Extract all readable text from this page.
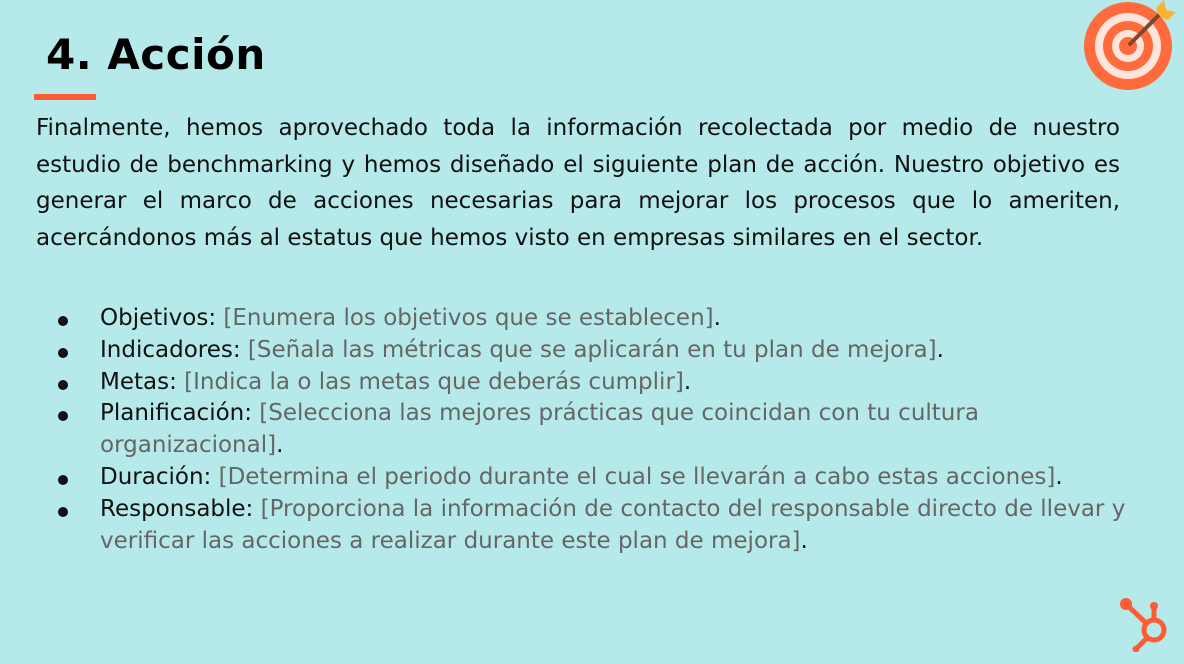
4. Acción

Finalmente, hemos aprovechado toda la información recolectada por medio de nuestro estudio de benchmarking y hemos diseñado el siguiente plan de acción. Nuestro objetivo es generar el marco de acciones necesarias para mejorar los procesos que lo ameriten, acercándonos más al estatus que hemos visto en empresas similares en el sector.

Objetivos: [Enumera los objetivos que se establecen].
Indicadores: [Señala las métricas que se aplicarán en tu plan de mejora].
Metas: [Indica la o las metas que deberás cumplir].
Planificación: [Selecciona las mejores prácticas que coincidan con tu cultura organizacional].
Duración: [Determina el periodo durante el cual se llevarán a cabo estas acciones].
Responsable: [Proporciona la información de contacto del responsable directo de llevar y verificar las acciones a realizar durante este plan de mejora].
